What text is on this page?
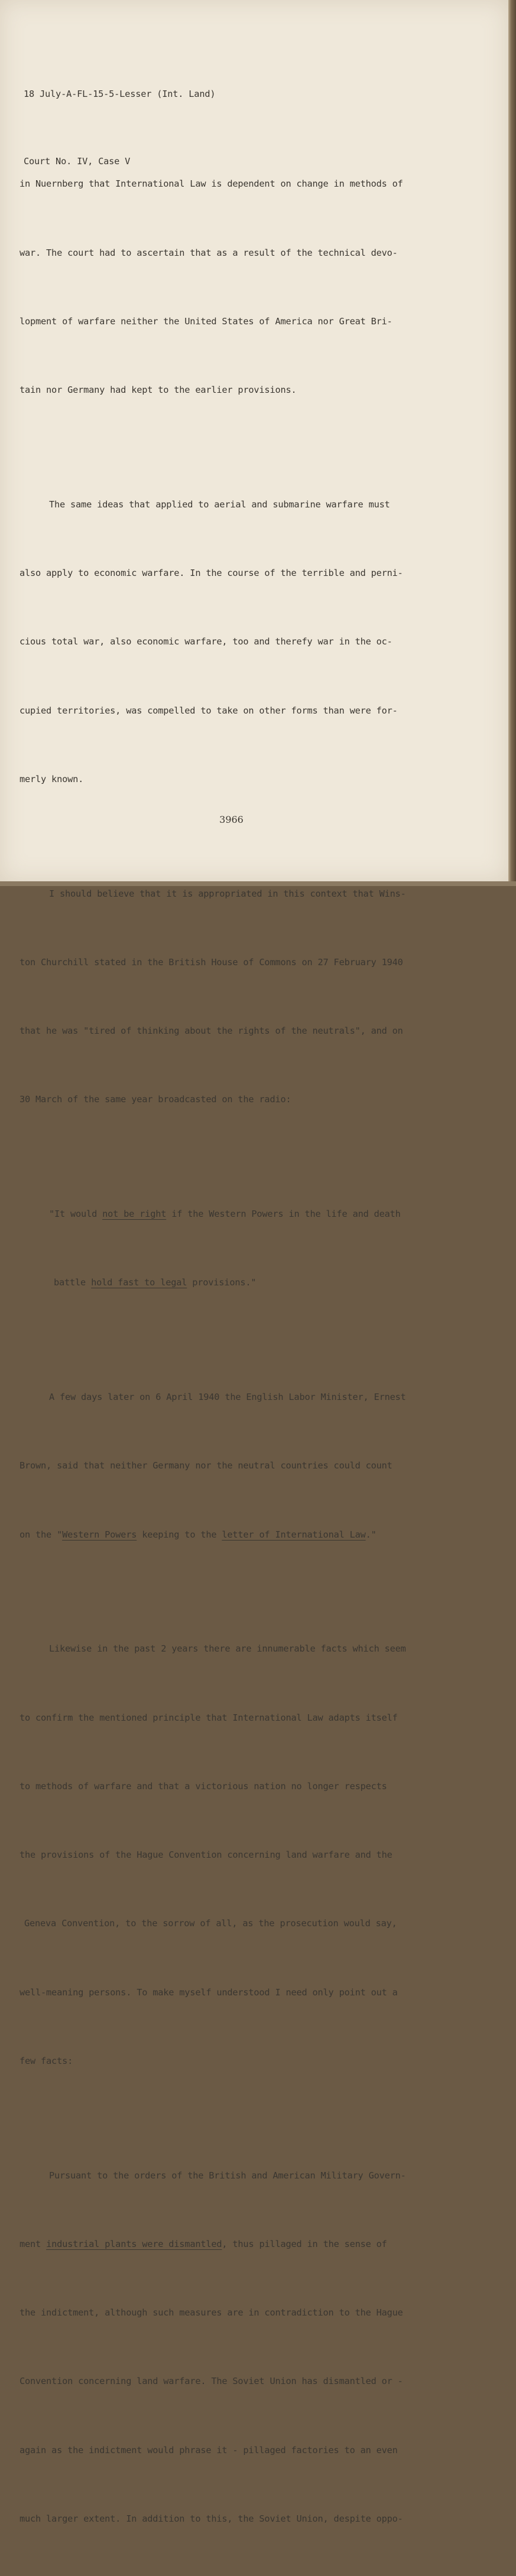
18 July-A-FL-15-5-Lesser (Int. Land)

Court No. IV, Case V

in Nuernberg that International Law is dependent on change in methods of

war. The court had to ascertain that as a result of the technical devo-

lopment of warfare neither the United States of America nor Great Bri-

tain nor Germany had kept to the earlier provisions.

The same ideas that applied to aerial and submarine warfare must

also apply to economic warfare. In the course of the terrible and perni-

cious total war, also economic warfare, too and therefy war in the oc-

cupied territories, was compelled to take on other forms than were for-

merly known.

I should believe that it is appropriated in this context that Wins-

ton Churchill stated in the British House of Commons on 27 February 1940

that he was "tired of thinking about the rights of the neutrals", and on

30 March of the same year broadcasted on the radio:

"It would not be right if the Western Powers in the life and death

battle hold fast to legal provisions."

A few days later on 6 April 1940 the English Labor Minister, Ernest

Brown, said that neither Germany nor the neutral countries could count

on the "Western Powers keeping to the letter of International Law."

Likewise in the past 2 years there are innumerable facts which seem

to confirm the mentioned principle that International Law adapts itself

to methods of warfare and that a victorious nation no longer respects

the provisions of the Hague Convention concerning land warfare and the

Geneva Convention, to the sorrow of all, as the prosecution would say,

well-meaning persons. To make myself understood I need only point out a

few facts:

Pursuant to the orders of the British and American Military Govern-

ment industrial plants were dismantled, thus pillaged in the sense of

the indictment, although such measures are in contradiction to the Hague

Convention concerning land warfare. The Soviet Union has dismantled or -

again as the indictment would phrase it - pillaged factories to an even

much larger extent. In addition to this, the Soviet Union, despite oppo-

3966
